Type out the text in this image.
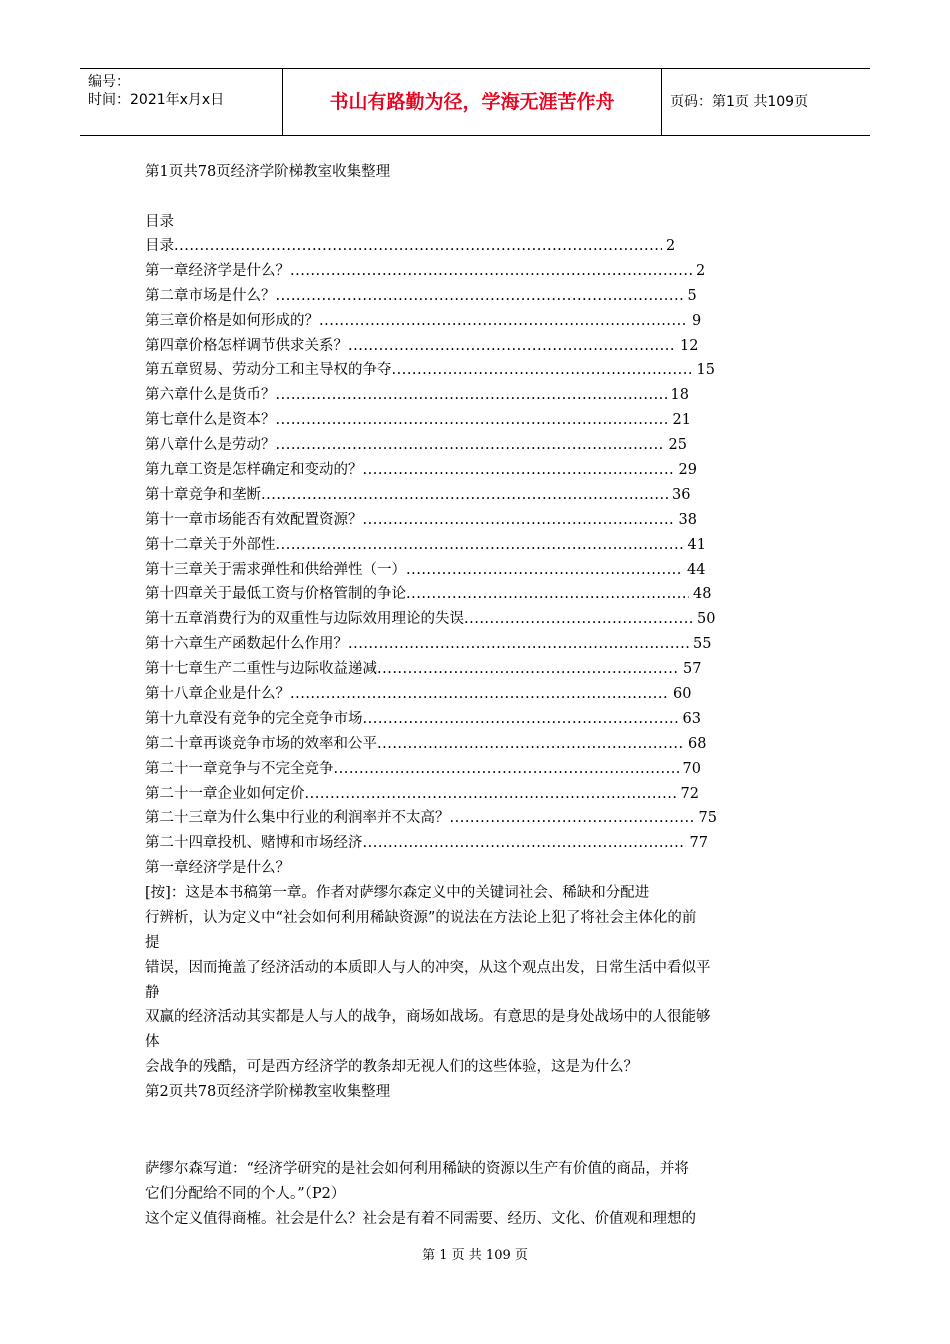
编号：
时间：2021年x月x日	书山有路勤为径，学海无涯苦作舟	页码：第1页 共109页
第1页共78页经济学阶梯教室收集整理
目录
目录 .....	2
第一章经济学是什么？ .....	2
第二章市场是什么？ .....	5
第三章价格是如何形成的？ .....	9
第四章价格怎样调节供求关系？ .....	12
第五章贸易、劳动分工和主导权的争夺 .....	15
第六章什么是货币？ .....	18
第七章什么是资本？ .....	21
第八章什么是劳动？ .....	25
第九章工资是怎样确定和变动的？ .....	29
第十章竞争和垄断 .....	36
第十一章市场能否有效配置资源？ .....	38
第十二章关于外部性 .....	41
第十三章关于需求弹性和供给弹性（一） .....	44
第十四章关于最低工资与价格管制的争论 .....	48
第十五章消费行为的双重性与边际效用理论的失误 .....	50
第十六章生产函数起什么作用？ .....	55
第十七章生产二重性与边际收益递减 .....	57
第十八章企业是什么？ .....	60
第十九章没有竞争的完全竞争市场 .....	63
第二十章再谈竞争市场的效率和公平 .....	68
第二十一章竞争与不完全竞争 .....	70
第二十一章企业如何定价 .....	72
第二十三章为什么集中行业的利润率并不太高？ .....	75
第二十四章投机、赌博和市场经济 .....	77
第一章经济学是什么？
[按]：这是本书稿第一章。作者对萨缪尔森定义中的关键词社会、稀缺和分配进
行辨析，认为定义中“社会如何利用稀缺资源”的说法在方法论上犯了将社会主体化的前
提
错误，因而掩盖了经济活动的本质即人与人的冲突，从这个观点出发，日常生活中看似平
静
双赢的经济活动其实都是人与人的战争，商场如战场。有意思的是身处战场中的人很能够
体
会战争的残酷，可是西方经济学的教条却无视人们的这些体验，这是为什么？
第2页共78页经济学阶梯教室收集整理
萨缪尔森写道：“经济学研究的是社会如何利用稀缺的资源以生产有价值的商品，并将
它们分配给不同的个人。”（P2）
这个定义值得商榷。社会是什么？社会是有着不同需要、经历、文化、价值观和理想的
第 1 页 共 109 页
